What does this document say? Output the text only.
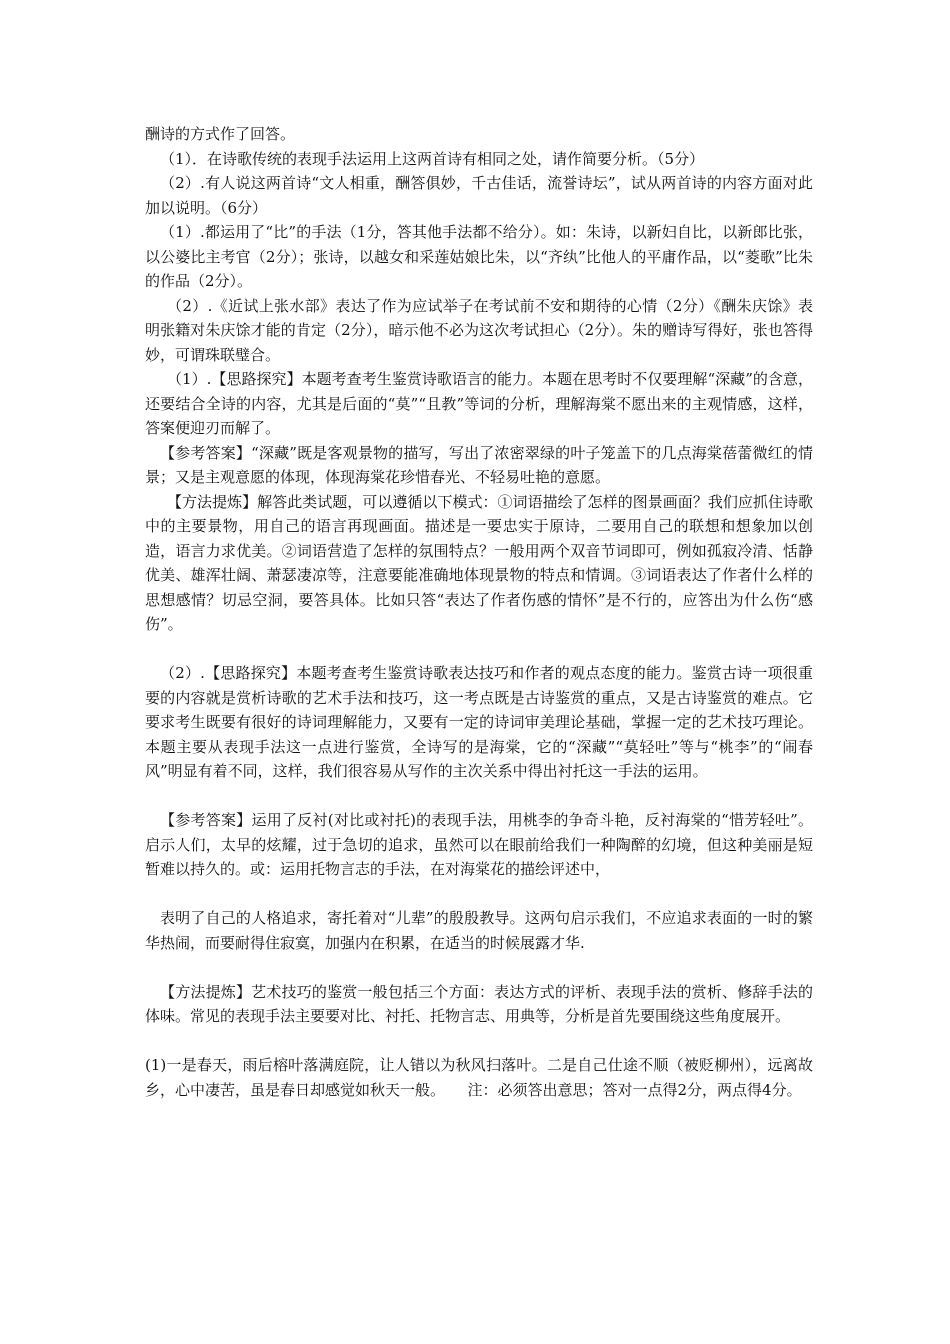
酬诗的方式作了回答。

（1）．在诗歌传统的表现手法运用上这两首诗有相同之处，请作简要分析。（5分）

（2）.有人说这两首诗“文人相重，酬答俱妙，千古佳话，流誉诗坛”，试从两首诗的内容方面对此加以说明。（6分）

（1）.都运用了“比”的手法（1分，答其他手法都不给分）。如：朱诗，以新妇自比，以新郎比张，以公婆比主考官（2分）；张诗，以越女和采莲姑娘比朱，以“齐纨”比他人的平庸作品，以“菱歌”比朱的作品（2分）。

（2）.《近试上张水部》表达了作为应试举子在考试前不安和期待的心情（2分）《酬朱庆馀》表明张籍对朱庆馀才能的肯定（2分），暗示他不必为这次考试担心（2分）。朱的赠诗写得好，张也答得妙，可谓珠联璧合。

（1）.【思路探究】本题考查考生鉴赏诗歌语言的能力。本题在思考时不仅要理解“深藏”的含意，还要结合全诗的内容，尤其是后面的“莫”“且教”等词的分析，理解海棠不愿出来的主观情感，这样，答案便迎刃而解了。

【参考答案】“深藏”既是客观景物的描写，写出了浓密翠绿的叶子笼盖下的几点海棠蓓蕾微红的情景；又是主观意愿的体现，体现海棠花珍惜春光、不轻易吐艳的意愿。

【方法提炼】解答此类试题，可以遵循以下模式：①词语描绘了怎样的图景画面？我们应抓住诗歌中的主要景物，用自己的语言再现画面。描述是一要忠实于原诗，二要用自己的联想和想象加以创造，语言力求优美。②词语营造了怎样的氛围特点？一般用两个双音节词即可，例如孤寂冷清、恬静优美、雄浑壮阔、萧瑟凄凉等，注意要能准确地体现景物的特点和情调。③词语表达了作者什么样的思想感情？切忌空洞，要答具体。比如只答“表达了作者伤感的情怀”是不行的，应答出为什么伤“感伤”。

（2）.【思路探究】本题考查考生鉴赏诗歌表达技巧和作者的观点态度的能力。鉴赏古诗一项很重要的内容就是赏析诗歌的艺术手法和技巧，这一考点既是古诗鉴赏的重点，又是古诗鉴赏的难点。它要求考生既要有很好的诗词理解能力，又要有一定的诗词审美理论基础，掌握一定的艺术技巧理论。本题主要从表现手法这一点进行鉴赏，全诗写的是海棠，它的“深藏”“莫轻吐”等与“桃李”的“闹春风”明显有着不同，这样，我们很容易从写作的主次关系中得出衬托这一手法的运用。

【参考答案】运用了反衬(对比或衬托)的表现手法，用桃李的争奇斗艳，反衬海棠的“惜芳轻吐”。启示人们，太早的炫耀，过于急切的追求，虽然可以在眼前给我们一种陶醉的幻境，但这种美丽是短暂难以持久的。或：运用托物言志的手法，在对海棠花的描绘评述中，

表明了自己的人格追求，寄托着对“儿辈”的殷殷教导。这两句启示我们，不应追求表面的一时的繁华热闹，而要耐得住寂寞，加强内在积累，在适当的时候展露才华.

【方法提炼】艺术技巧的鉴赏一般包括三个方面：表达方式的评析、表现手法的赏析、修辞手法的体味。常见的表现手法主要要对比、衬托、托物言志、用典等，分析是首先要围绕这些角度展开。

(1)一是春天，雨后榕叶落满庭院，让人错以为秋风扫落叶。二是自己仕途不顺（被贬柳州），远离故乡，心中凄苦，虽是春日却感觉如秋天一般。　　注：必须答出意思；答对一点得2分，两点得4分。
